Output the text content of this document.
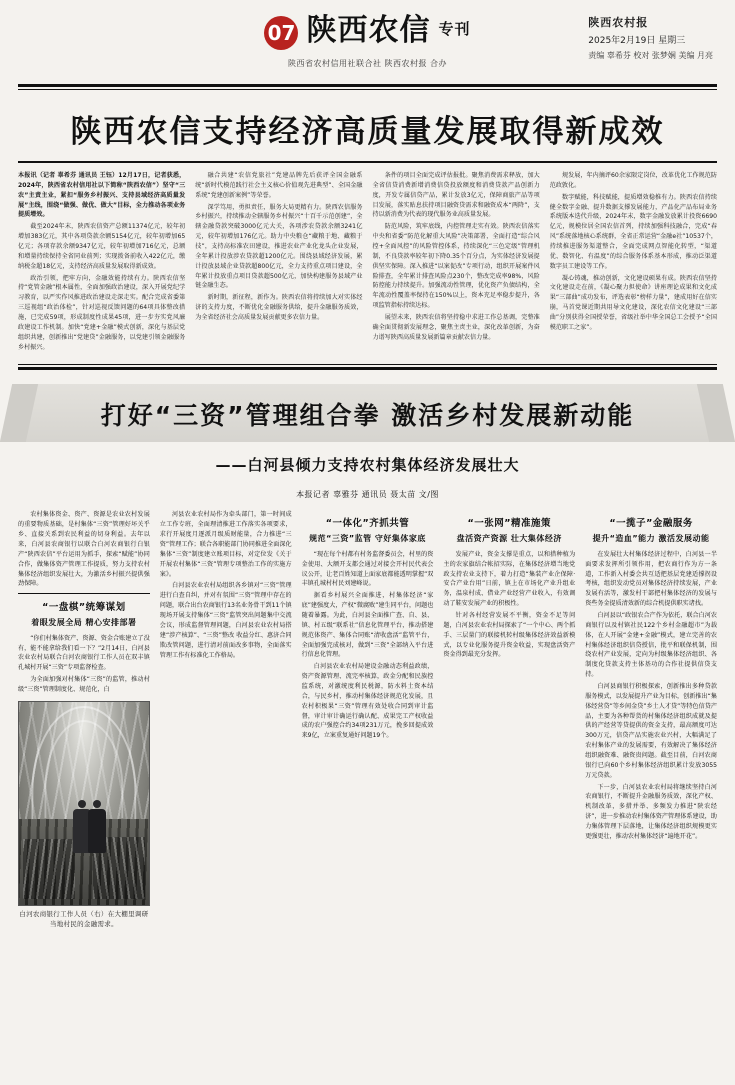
07 陕西农信 专刊
陕西省农村信用社联合社 陕西农村报 合办
陕西农村报
2025年2月19日 星期三
责编 辜希芬 校对 张梦娴 美编 月亮
陕西农信支持经济高质量发展取得新成效

本报讯（记者 辜希芬 通讯员 王钰）12月17日，记者获悉，2024年，陕西省农村信用社以下简称“陕西农信”）坚守“三农”主责主业，紧扣“服务乡村振兴、支持县域经济高质量发展”主线，围绕“做强、做优、做大”目标，全力推动各项业务提质增效。

截至2024年末，陕西农信资产总额11374亿元，较年初增加383亿元，其中各项贷款余额5154亿元，较年初增加65亿元；各项存款余额9347亿元，较年初增加716亿元，总额和增量持续保持全省同业前列；实现拨备前收入422亿元，缴纳税金超18亿元，支持经济高质量发展取得新成效。

政治引领，把牢方向，金融效能持续有力。陕西农信坚持“党管金融”根本属性，全面加强政治建设，深入开展党纪学习教育，以严实作风推进政治建设走深走实。配合完成省委第三巡视组“政治体检”，针对巡视反馈问题的64项具体整改措施，已完成59项，形成制度性成果45项，进一步夯实党风廉政建设工作机制。加快“党建+金融”模式创新，深化与基层党组织共建，创新推出“党建贷”金融服务，以党建引领金融服务乡村振兴。

融合共建“农信党旅社”党建品牌先后获评全国金融系统“新时代模范践行社会主义核心价值观先进典型”、全国金融系统“党建创新案例”等荣誉。

深学笃用，勇担责任，服务大局更精有力。陕西农信服务乡村振兴，持续推动全辖服务乡村振兴“十百千示范创建”，全辖金融贷款突破3000亿元大关，各项涉农贷款余额3241亿元，较年初增加176亿元。助力中央粮仓“藏粮于地、藏粮于技”，支持高标准农田建设，推进农业产业化龙头企业发展，全年累计投放涉农贷款超1200亿元。围绕县域经济发展，累计投放县域企业贷款超800亿元，全力支持重点项目建设，全年累计投放重点项目贷款超500亿元，加快构建服务县域产业链金融生态。

新时期，新征程，新作为。陕西农信将持续加大对实体经济的支持力度，不断优化金融服务供给，提升金融服务质效，为全省经济社会高质量发展贡献更多农信力量。

条件的项目全面完成评估报批。聚焦消费需求释放，加大全省信贷消费新增消费信贷投放额度和消费贷款产品创新力度，开发专属信贷产品，累计发放3亿元，保障商旅产品等项目发展，落实贴息扶持项目融资贷需求和融资成本“两降”，支持以新消费为代表的现代服务业高质量发展。

防范风险，筑牢底线，内控管理走实有效。陕西农信落实中央和省委“防范化解重大风险”决策部署，全面打造“综合风控+全面风控”的风险管控体系，持续深化“三色定级”管理机制，不良贷款率较年初下降0.35个百分点，为实体经济发展提供坚实保障。深入推进“以案促改”专项行动，组织开展案件风险排查，全年累计排查风险点230个，整改完成率98%，风险防控能力持续提升。加强流动性管理，优化资产负债结构，全年流动性覆盖率保持在150%以上，资本充足率稳步提升，各项监管指标持续达标。

展望未来，陕西农信将坚持稳中求进工作总基调，完整准确全面贯彻新发展理念，聚焦主责主业，深化改革创新，为奋力谱写陕西高质量发展新篇章贡献农信力量。

规发展，年内摘评60余家限定岗位，改革优化工作规范防范政敦化。

数字赋能，科技赋能，提质增效稳推有力。陕西农信持续健全数字金融、提升数据支撑发展能力，产品化产品布局业务系统版本迭代升级，2024年末，数字金融发放累计投资6690亿元，规模位居全国农信首列，持续加强科技融合，完成“春风”系统落地核心系统群，全省正常运营“金融e社”10537个，持续推进服务渠道整合，全面完成网点智能化转型，“渠道优、数智化、有温度”的综合服务体系基本形成，推动泛渠道数字员工建设等工作。

凝心铸魂，推动创新，文化建设硕果有成。陕西农信坚持文化建设走在前，《凝心聚力担使命》讲座理论成果和文化成果“三部曲”成功发布，评选表彰“榜样力量”，建成用好在信实崩，马首党课近期共用导文化建设，深化农信文化建设“三部曲”分别获得全国授荣誉，省级社举中华全国总工会授予“全国模范职工之家”。

打好“三资”管理组合拳 激活乡村发展新动能
——白河县倾力支持农村集体经济发展壮大
本报记者 辜雅芬 通讯员 聂太苗 文/图

农村集体资金、资产、资源是农业农村发展的重要物质基础，是村集体“三资”管理好坏关乎乡、直接关系到农民利益的切身利益。去年以来，白河县农商银行以联合白河农商银行白银产“陕西农信”平台运用为抓手，探索“赋能”协同合作，做集体资产管理工作提质，努力支持农村集体经济组织发展壮大，为激活乡村振兴提供强劲保障。

“一盘棋”统筹谋划
着眼发展全局 精心安排部署

“你们村集体资产、资源、资金合账建立了没有，能不能拿给我们看一下？”2月14日，白河县农业农村局联合白河农商银行工作人员在双丰镇孔城村开展“三资”专项监督检查。

为全面加强对村集体“三资”的监管，推动村级“三资”管理制度化、规范化，白

白河农商银行工作人员（右）在大棚里调研当地村民的金融需求。

河县农业农村局作为牵头部门，第一时间成立工作专班，全面理清推进工作落实各项要求，求行开展度月逐派月级质财能量，合力推进“三资”管理工作；联合各职能部门协同推进全面深化集体“三资”制度建立账项目标，对定位发《关于开展农村集体“三资”管理专项整治工作的实施方案》。

白河县农业农村局组织各乡镇对“三资”管理进行白查自纠，并对有氛围“三资”管理中存在的问题，联合出台农商银行13名业务骨干到11个镇现场开展支持集体“三资”监管突出问题集中交流会议，形成监督管理问题，白河县农业农村局搭建“涉产核算”、“三资”整改 收益分红、惠济合同欺改管问题，进行清对前面改多事物，全面落实管理工作有标准化工作格局。

“一体化”齐抓共管
规范“三资”监管 守好集体家底

“现在每个村都有村务监督委员会，村里的资金使用、大额开支都会通过对接会开村民代表会议公开，让老百姓知道上面家底都能透明掌握”双丰镇孔城村村民刘建峰说。

据看乡村展兴全面推进，村集体经济“家底”建强度大，产权“微腐败”建生同平台，问题也随着暴露。为此，白河县全面推广查、自、县、镇、村五级“联系社”信息化管理平台，推动搭建规范体资产、集体合同账“清收盘活”监管平台，全面加强完成核对，做到“三资”全部纳入平台进行信息化管理。

白河县农业农村局建设金融动态利益政绩，资产资源管理、流完率核算，政金分配和民族控监系统，对激统度利民税源，防水料土资本结合，与民乡村，推动村集体经济规范化发展，且农村积极果“三资”管理有效处收合同到审计监督，审计审计确运行确认配、成果完工产权收益成的农户强控合约34项231万元，挽多回提成效来9亿，立案重复通好问题19个。

“一张网”精准施策
盘活资产资源 壮大集体经济

发展产业，资金支撑是重点，以和措种植为主的农家旗结合帐招实际，在集体经济增当地党政支持农业支持下，着力打造“集装产业企保障·安合产业台用”日前，镇上在市场化产业升组业务，温泉村成、借业产业经营产业收入，有效调动了鞋安发展产业的积极性。

针对各村经营发展不平衡，资金不足等问题，白河县农业农村局探索了“一个中心、两个抓手、三层量门的联接机转村级集体经济效益新模式，以专业化服务提升资金收益，实现盘活资产资金得到最充分发挥。

“一揽子”金融服务
提升“造血”能力 激活发展动能

在发展壮大村集体经济过程中，白河县一半面要求发挥所引领作用，把农商行作为方一条道，工作新入村委会共互适把基层党建适撑拐设考核，组织发动党员对集体经济持续发展，产业发展有活等，激发村干部把村集体经济的发展与资些务金提质清效新的综合机提供职实诸找。

白河县以“政银农合产作为依托，联合白河农商银行以及村镇社民122个乡村金融超市”为载体，在人开展“金建+金融”模式，建立完善的农村集体经济组织信贷授信，批平和联保机制，围绕农村产业发展，定向为村级集体经济组织、各制度化贷款支持主体基功的合作社提供信贷支持。

白河县商银行积极探索，创新推出多种贷款服务模式，以发展提升产业为目标，创新推出“集体经营贷”等乡间金贷”乡土人才贷”等特色信贷产品，主要为各种帮货的村集体经济组织成就及提供的产经营等贷提供的资金支持，最高额度可达300万元，信贷产品实施农业兴村，大幅满足了农村集体产业的发展需要，有效解决了集体经济组织融资难、融资贵问题。截至目前，白河农商银行已向60个乡村集体经济组织累计发放3055万元贷款。

下一步，白河县农业农村局将继续坚持白河农商银行，不断提升金融服务质效，深化产权、机制改革，多措并举、多频发力推进“陕农经济”，进一步推动农村集体资产管理体系建设，助力集体管理下层落地，让集体经济组织规模更实更强更壮，推动农村集体经济“遍地开花”。
